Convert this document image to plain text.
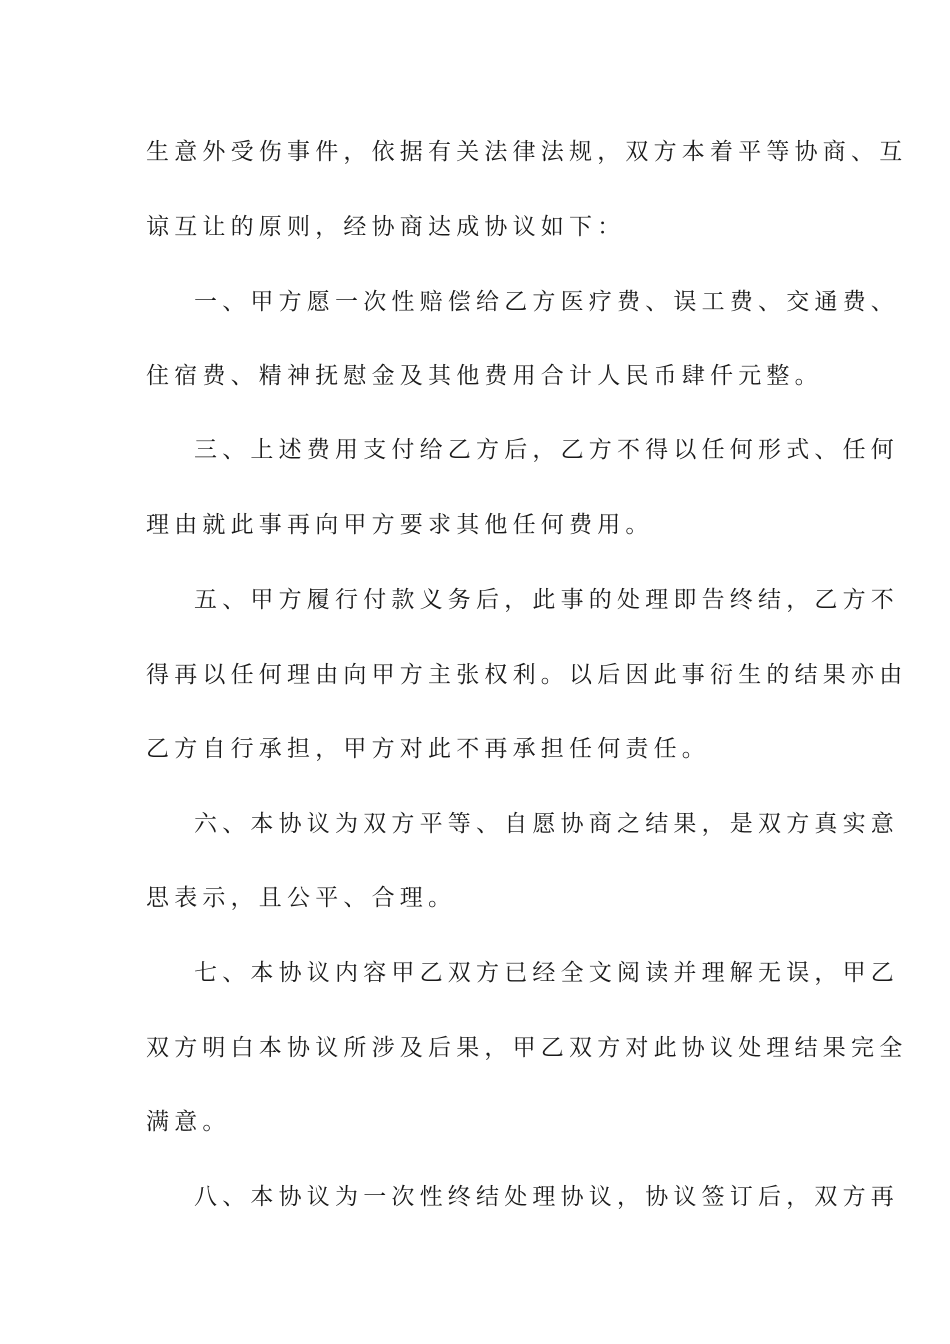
生意外受伤事件，依据有关法律法规，双方本着平等协商、互
谅互让的原则，经协商达成协议如下：
一、甲方愿一次性赔偿给乙方医疗费、误工费、交通费、
住宿费、精神抚慰金及其他费用合计人民币肆仟元整。
三、上述费用支付给乙方后，乙方不得以任何形式、任何
理由就此事再向甲方要求其他任何费用。
五、甲方履行付款义务后，此事的处理即告终结，乙方不
得再以任何理由向甲方主张权利。以后因此事衍生的结果亦由
乙方自行承担，甲方对此不再承担任何责任。
六、本协议为双方平等、自愿协商之结果，是双方真实意
思表示，且公平、合理。
七、本协议内容甲乙双方已经全文阅读并理解无误，甲乙
双方明白本协议所涉及后果，甲乙双方对此协议处理结果完全
满意。
八、本协议为一次性终结处理协议，协议签订后，双方再
